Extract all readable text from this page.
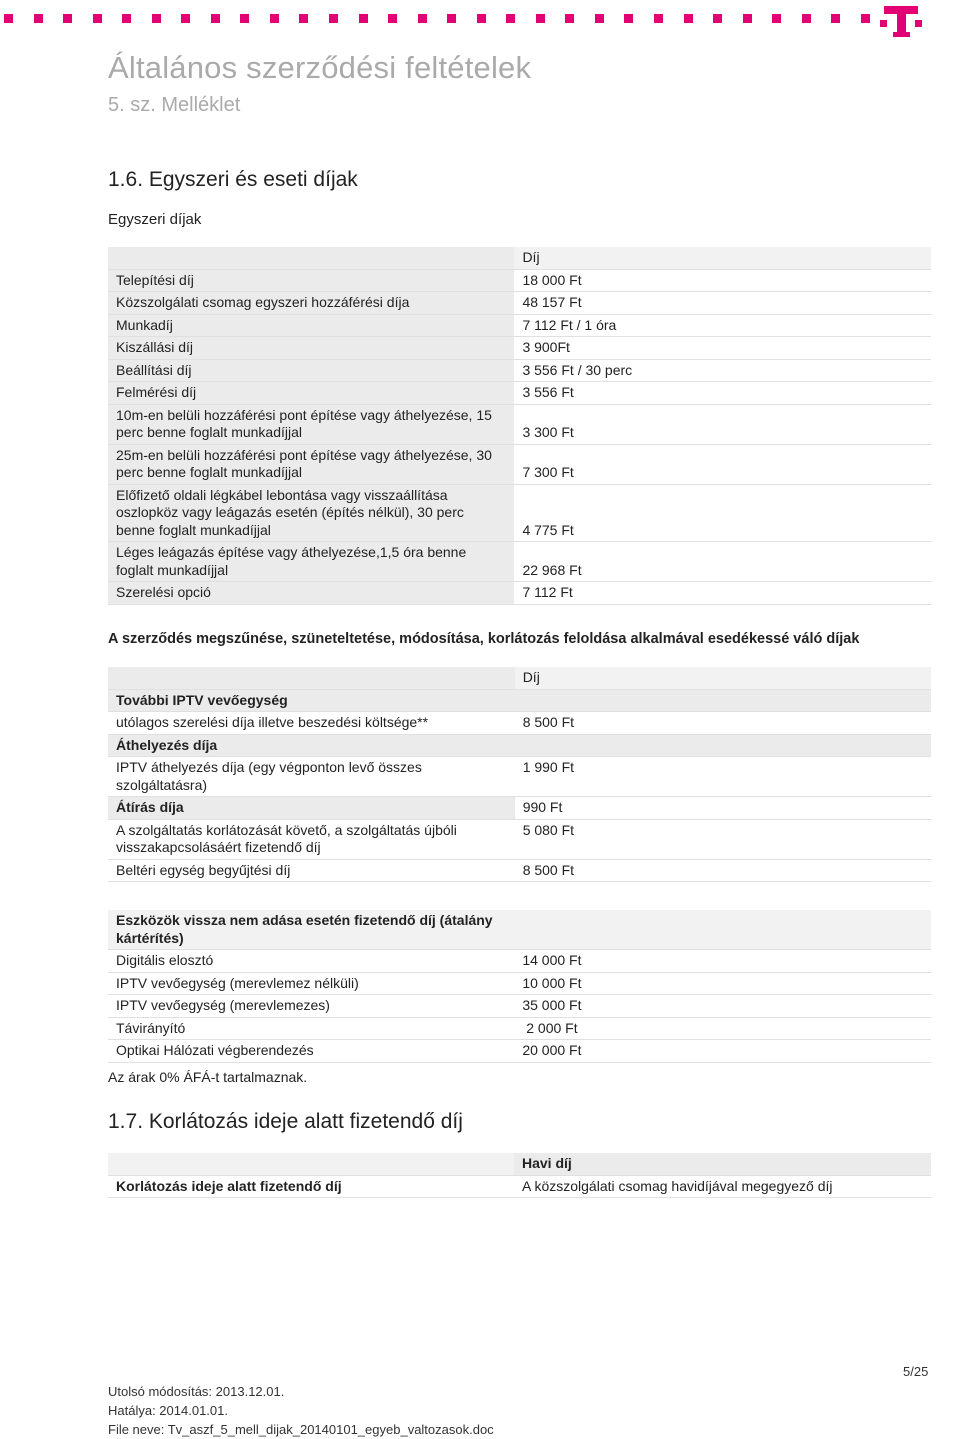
Általános szerződési feltételek
5. sz. Melléklet
1.6. Egyszeri és eseti díjak
Egyszeri díjak
	Díj
Telepítési díj	18 000 Ft
Közszolgálati csomag egyszeri hozzáférési díja	48 157 Ft
Munkadíj	7 112 Ft / 1 óra
Kiszállási díj	3 900Ft
Beállítási díj	3 556 Ft / 30 perc
Felmérési díj	3 556 Ft
10m-en belüli hozzáférési pont építése vagy áthelyezése, 15 perc benne foglalt munkadíjjal	3 300 Ft
25m-en belüli hozzáférési pont építése vagy áthelyezése, 30 perc benne foglalt munkadíjjal	7 300 Ft
Előfizető oldali légkábel lebontása vagy visszaállítása oszlopköz vagy leágazás esetén (építés nélkül), 30 perc benne foglalt munkadíjjal	4 775 Ft
Léges leágazás építése vagy áthelyezése,1,5 óra benne foglalt munkadíjjal	22 968 Ft
Szerelési opció	7 112 Ft
A szerződés megszűnése, szüneteltetése, módosítása, korlátozás feloldása alkalmával esedékessé váló díjak
	Díj
További IPTV vevőegység	
utólagos szerelési díja illetve beszedési költsége**	8 500 Ft
Áthelyezés díja	
IPTV áthelyezés díja (egy végponton levő összes szolgáltatásra)	1 990 Ft
Átírás díja	990 Ft
A szolgáltatás korlátozását követő, a szolgáltatás újbóli visszakapcsolásáért fizetendő díj	5 080 Ft
Beltéri egység begyűjtési díj	8 500 Ft
Eszközök vissza nem adása esetén fizetendő díj (átalány kártérítés)	
Digitális elosztó	14 000 Ft
IPTV vevőegység (merevlemez nélküli)	10 000 Ft
IPTV vevőegység (merevlemezes)	35 000 Ft
Távirányító	2 000 Ft
Optikai Hálózati végberendezés	20 000 Ft
Az árak 0% ÁFÁ-t tartalmaznak.
1.7. Korlátozás ideje alatt fizetendő díj
	Havi díj
Korlátozás ideje alatt fizetendő díj	A közszolgálati csomag havidíjával megegyező díj
5/25
Utolsó módosítás: 2013.12.01.
Hatálya: 2014.01.01.
File neve: Tv_aszf_5_mell_dijak_20140101_egyeb_valtozasok.doc
